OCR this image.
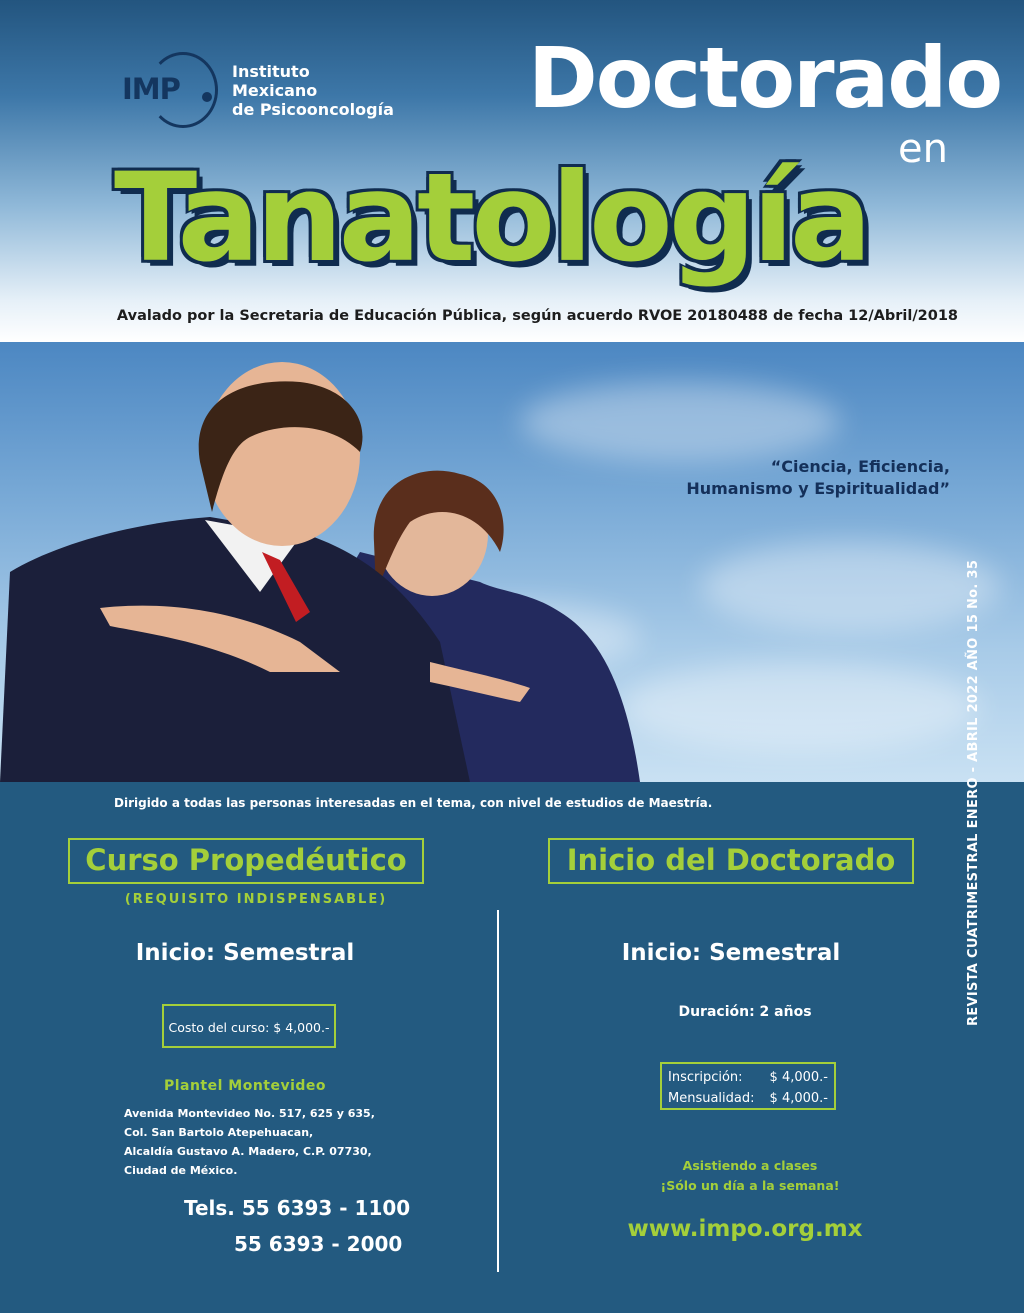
IMP
Instituto
Mexicano
de Psicooncología Doctorado
en
Tanatología
Avalado por la Secretaria de Educación Pública, según acuerdo RVOE 20180488 de fecha 12/Abril/2018
“Ciencia, Eficiencia,
Humanismo y Espiritualidad”
Dirigido a todas las personas interesadas en el tema, con nivel de estudios de Maestría.
Curso Propedéutico
(REQUISITO INDISPENSABLE)
Inicio: Semestral
Costo del curso: $ 4,000.-
Plantel Montevideo
Avenida Montevideo No. 517, 625 y 635,
Col. San Bartolo Atepehuacan,
Alcaldía Gustavo A. Madero, C.P. 07730,
Ciudad de México.
Tels. 55 6393 - 1100
55 6393 - 2000
Inicio del Doctorado
Inicio: Semestral
Duración: 2 años
Inscripción: $ 4,000.-
Mensualidad: $ 4,000.-
Asistiendo a clases
¡Sólo un día a la semana!
www.impo.org.mx
REVISTA CUATRIMESTRAL ENERO - ABRIL 2022 AÑO 15 No. 35
